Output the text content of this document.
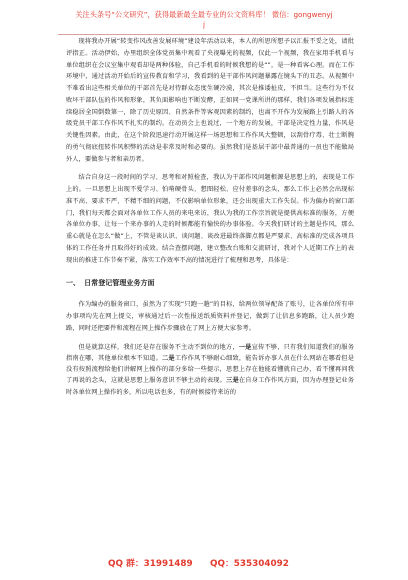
关注头条号“公文研究”，获得最新最全最专业的公文资料库！ 微信：gongwenyj
j

现将我办开展“转变作风改善发展环境”建设年活动以来，本人的所思所想予以汇报不妥之处，请批评指正。活动伊始，办里组织全体党员集中观看了央视曝光的视频，仅此一个视频，我在家用手机看与单位组织在会议室集中观看却是两种体验，自己手机看的时候我想的是“”，是一种看客心理。而在工作环境中，通过活动开始后的宣传教育和学习，我看到的是干部作风问题暴露在镜头下的丑态。从视频中不难看出这些相关单位的干部首先是对待群众态度生硬冷漠，其次是推诿扯皮，不担当。这些行为不仅败坏干部队伍的作风和形象，其负面影响也不断发酵，正如同一党课所讲的那样，我们各项发展指标连续稳居全国倒数第一，除了历史原因、自然条件等客观因素的制约，也离不开作为发展路上引路人的各级党员干部工作作风不扎实的制约。在动员会上也说过，一个地方的发展，干部是决定性力量，作风是关键性因素。由此，在这个阶段迅速行动开展这样一场思想和工作作风大整顿，以刮骨疗毒、壮士断腕的勇气彻底扭转作风积弊的活动是非常及时和必要的。虽然我们是基层干部中最普通的一员也不能做局外人，要做参与者和亲历者。

结合自身这一段时间的学习、思考和对照检查，我认为干部作风问题根源是思想上的，表现是工作上的。一旦思想上出现不爱学习、怕啃硬骨头、想图轻松、应付差事的念头，那么工作上必然会出现标准不高、要求不严、不精不细的问题，不仅影响单位形象，还会出现重大工作失误。作为偏办的窗口部门，我们每天都会面对各单位工作人员的来电来访，我认为我的工作宗旨就是提供高标准的服务，方便各单位办事，让每一个来办事的人走的时候都能有愉快的办事体验。今天我们研讨的主题是作风，那么重心就是在怎么“做”上，不管是谈认识、谈问题、谈改进最终落脚点都是严要求、高标准的完成各项具体的工作任务并且取得好的成效。结合查摆问题，建立整改台账和交流研讨，我对个人近期工作上的表现出的推进工作节奏不紧，落实工作效率不高的情况进行了梳理和思考，具体是：

一、 日常登记管理业务方面

作为编办的服务窗口，虽然为了实现“只跑一趟”的目标，给两位领导配备了账号，让各单位所有申办事项均先在网上提交，审核通过后一次性报送纸质资料并登记，做到了让信息多跑路，让人员少跑路，同时还把要件和流程在网上操作步骤放在了网上方便大家参考。

但是就算这样，我们还是存在服务不主动不到位的地方，一是宣传不够，只有我们知道我们的服务指南在哪，其他单位根本不知道。二是工作作风不够耐心细致，能告诉办事人员在什么网站在哪看但是没有按照流程给他们讲解网上操作的部分多给一些提示，思想上存在他能看懂就自己办，看不懂再问我了再说的念头，这就是思想上服务意识不够主动的表现。三是在自身工作作风方面，因为办理登记业务时各单位网上操作的多，所以电话也多，有的时候接待来访的

QQ 群：31991489 QQ：535304092
